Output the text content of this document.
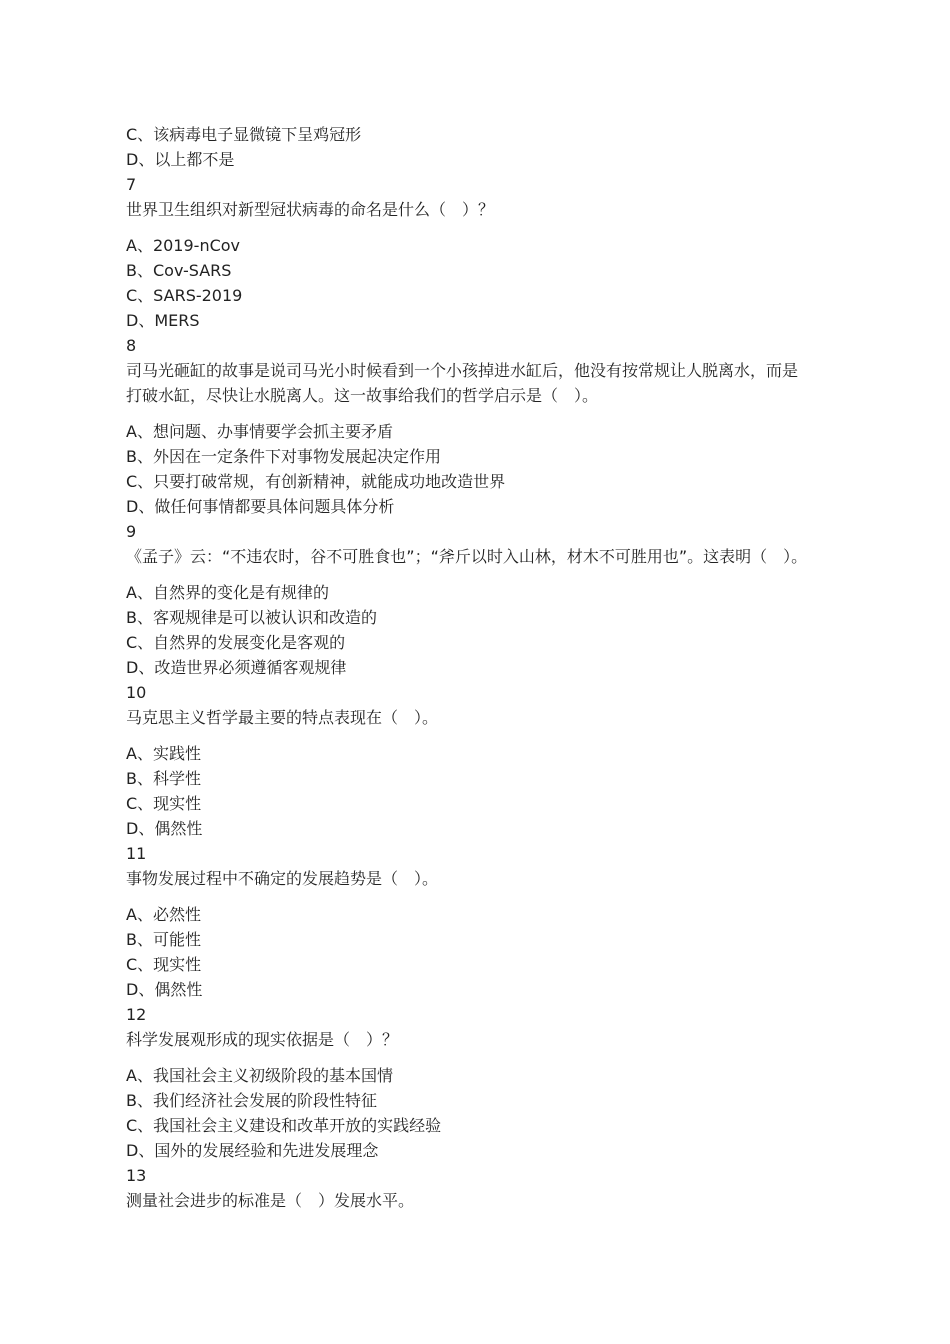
C、该病毒电子显微镜下呈鸡冠形
D、以上都不是
7
世界卫生组织对新型冠状病毒的命名是什么（　）？
A、2019-nCov
B、Cov-SARS
C、SARS-2019
D、MERS
8
司马光砸缸的故事是说司马光小时候看到一个小孩掉进水缸后，他没有按常规让人脱离水，而是
打破水缸，尽快让水脱离人。这一故事给我们的哲学启示是（　）。
A、想问题、办事情要学会抓主要矛盾
B、外因在一定条件下对事物发展起决定作用
C、只要打破常规，有创新精神，就能成功地改造世界
D、做任何事情都要具体问题具体分析
9
《孟子》云：“不违农时，谷不可胜食也”；“斧斤以时入山林，材木不可胜用也”。这表明（　）。
A、自然界的变化是有规律的
B、客观规律是可以被认识和改造的
C、自然界的发展变化是客观的
D、改造世界必须遵循客观规律
10
马克思主义哲学最主要的特点表现在（　）。
A、实践性
B、科学性
C、现实性
D、偶然性
11
事物发展过程中不确定的发展趋势是（　）。
A、必然性
B、可能性
C、现实性
D、偶然性
12
科学发展观形成的现实依据是（　）？
A、我国社会主义初级阶段的基本国情
B、我们经济社会发展的阶段性特征
C、我国社会主义建设和改革开放的实践经验
D、国外的发展经验和先进发展理念
13
测量社会进步的标准是（　）发展水平。
